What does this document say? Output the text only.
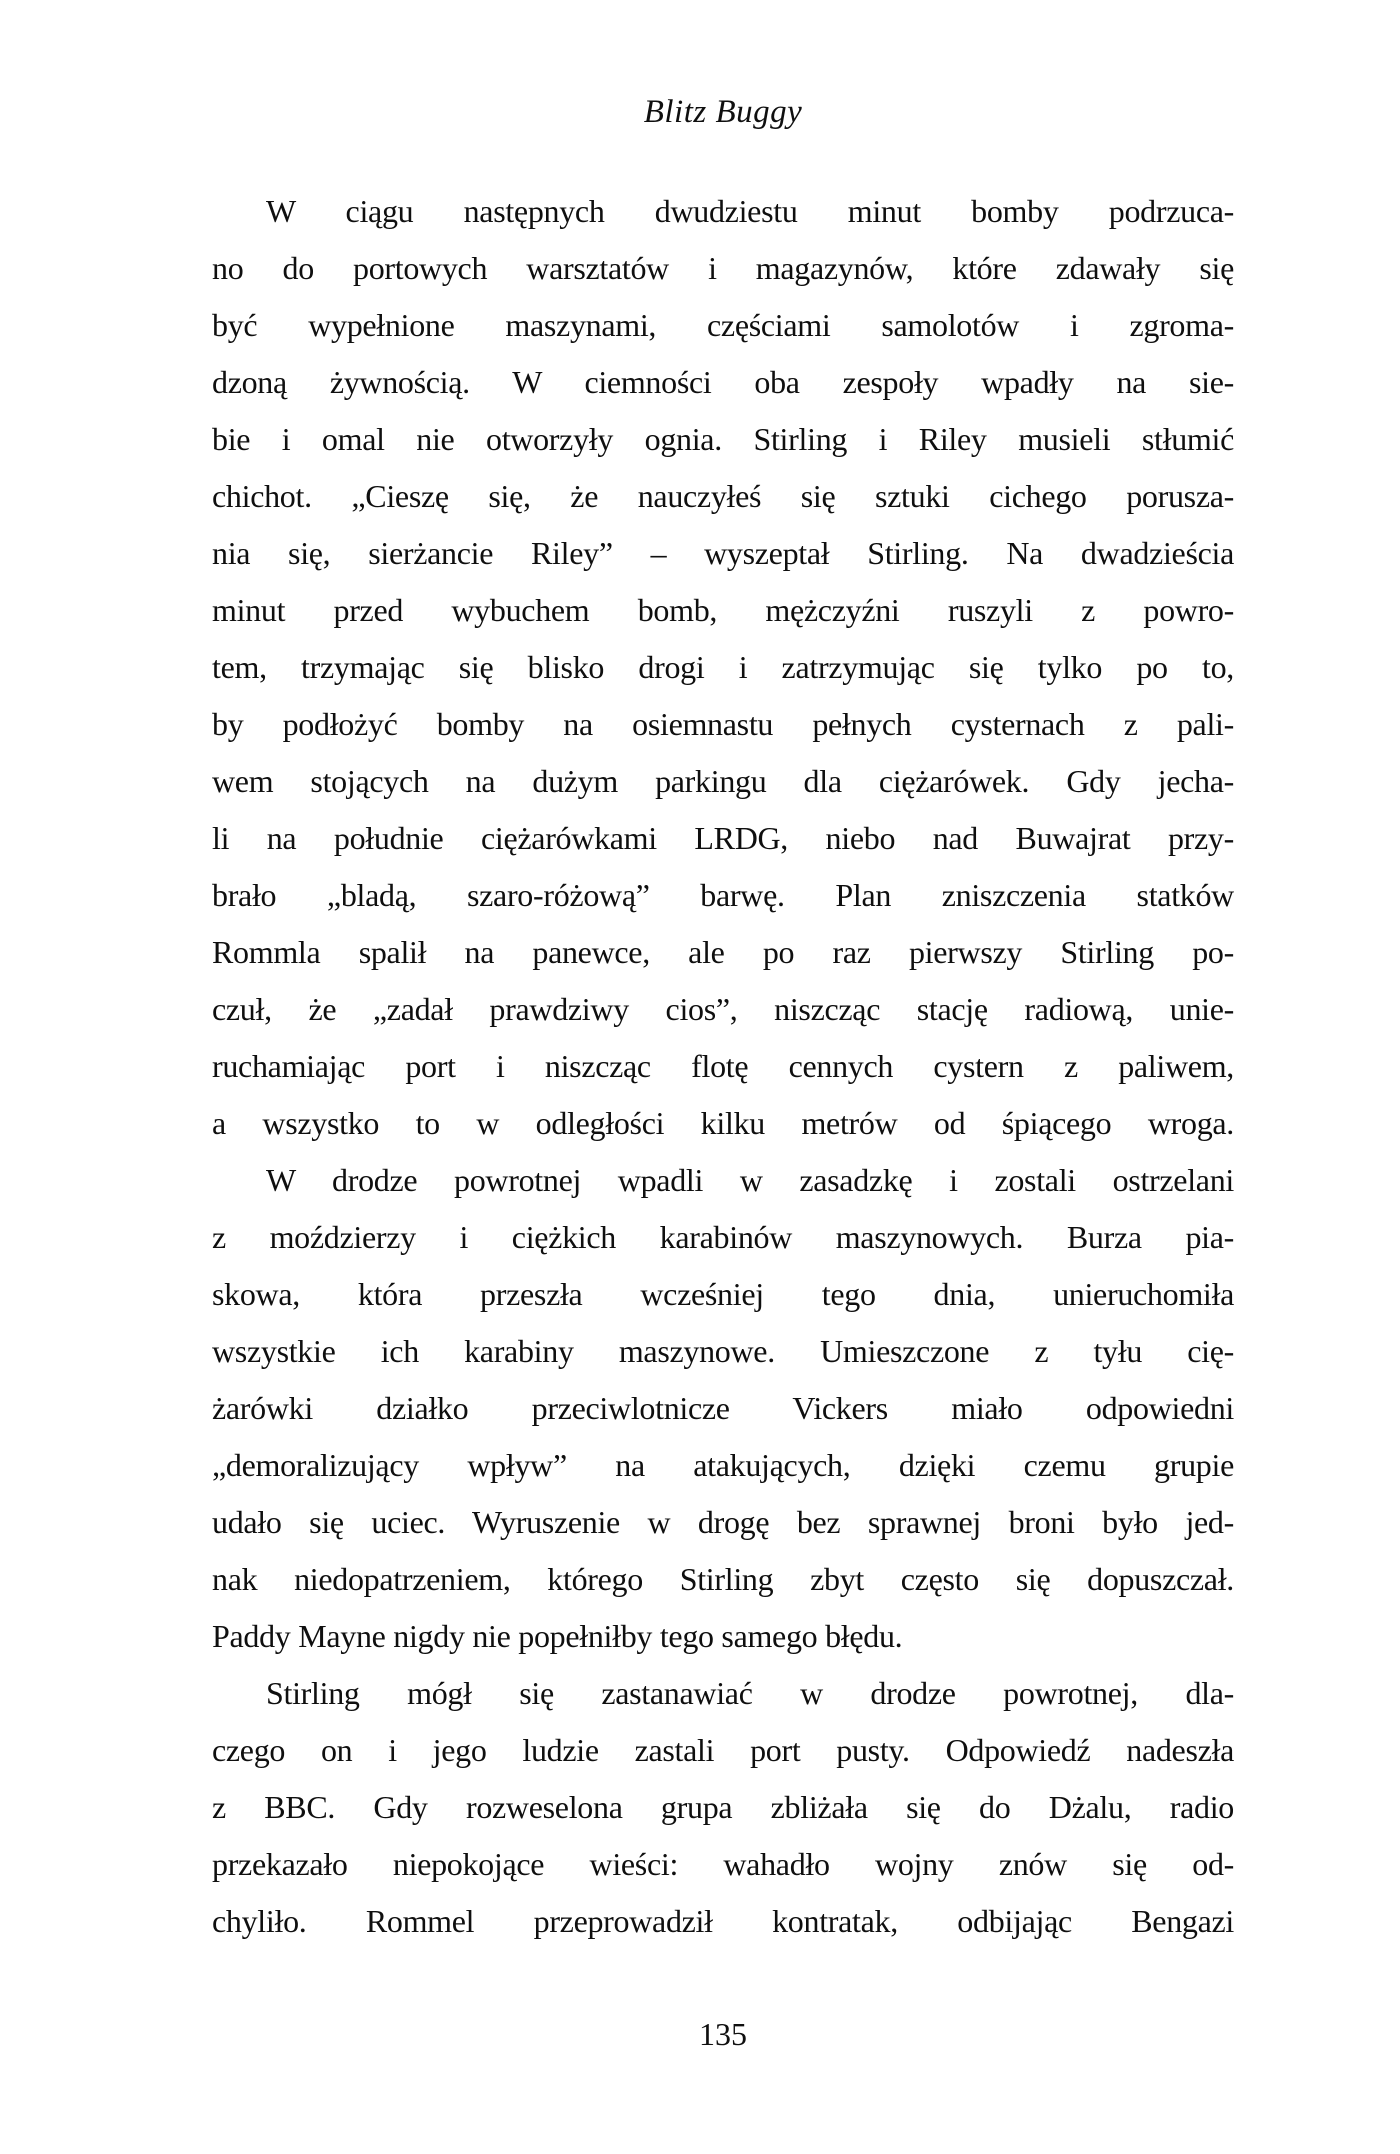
Blitz Buggy
W ciągu następnych dwudziestu minut bomby podrzuca-
no do portowych warsztatów i magazynów, które zdawały się
być wypełnione maszynami, częściami samolotów i zgroma-
dzoną żywnością. W ciemności oba zespoły wpadły na sie-
bie i omal nie otworzyły ognia. Stirling i Riley musieli stłumić
chichot. „Cieszę się, że nauczyłeś się sztuki cichego porusza-
nia się, sierżancie Riley” – wyszeptał Stirling. Na dwadzieścia
minut przed wybuchem bomb, mężczyźni ruszyli z powro-
tem, trzymając się blisko drogi i zatrzymując się tylko po to,
by podłożyć bomby na osiemnastu pełnych cysternach z pali-
wem stojących na dużym parkingu dla ciężarówek. Gdy jecha-
li na południe ciężarówkami LRDG, niebo nad Buwajrat przy-
brało „bladą, szaro-różową” barwę. Plan zniszczenia statków
Rommla spalił na panewce, ale po raz pierwszy Stirling po-
czuł, że „zadał prawdziwy cios”, niszcząc stację radiową, unie-
ruchamiając port i niszcząc flotę cennych cystern z paliwem,
a wszystko to w odległości kilku metrów od śpiącego wroga.
W drodze powrotnej wpadli w zasadzkę i zostali ostrzelani
z moździerzy i ciężkich karabinów maszynowych. Burza pia-
skowa, która przeszła wcześniej tego dnia, unieruchomiła
wszystkie ich karabiny maszynowe. Umieszczone z tyłu cię-
żarówki działko przeciwlotnicze Vickers miało odpowiedni
„demoralizujący wpływ” na atakujących, dzięki czemu grupie
udało się uciec. Wyruszenie w drogę bez sprawnej broni było jed-
nak niedopatrzeniem, którego Stirling zbyt często się dopuszczał.
Paddy Mayne nigdy nie popełniłby tego samego błędu.
Stirling mógł się zastanawiać w drodze powrotnej, dla-
czego on i jego ludzie zastali port pusty. Odpowiedź nadeszła
z BBC. Gdy rozweselona grupa zbliżała się do Dżalu, radio
przekazało niepokojące wieści: wahadło wojny znów się od-
chyliło. Rommel przeprowadził kontratak, odbijając Bengazi
135
